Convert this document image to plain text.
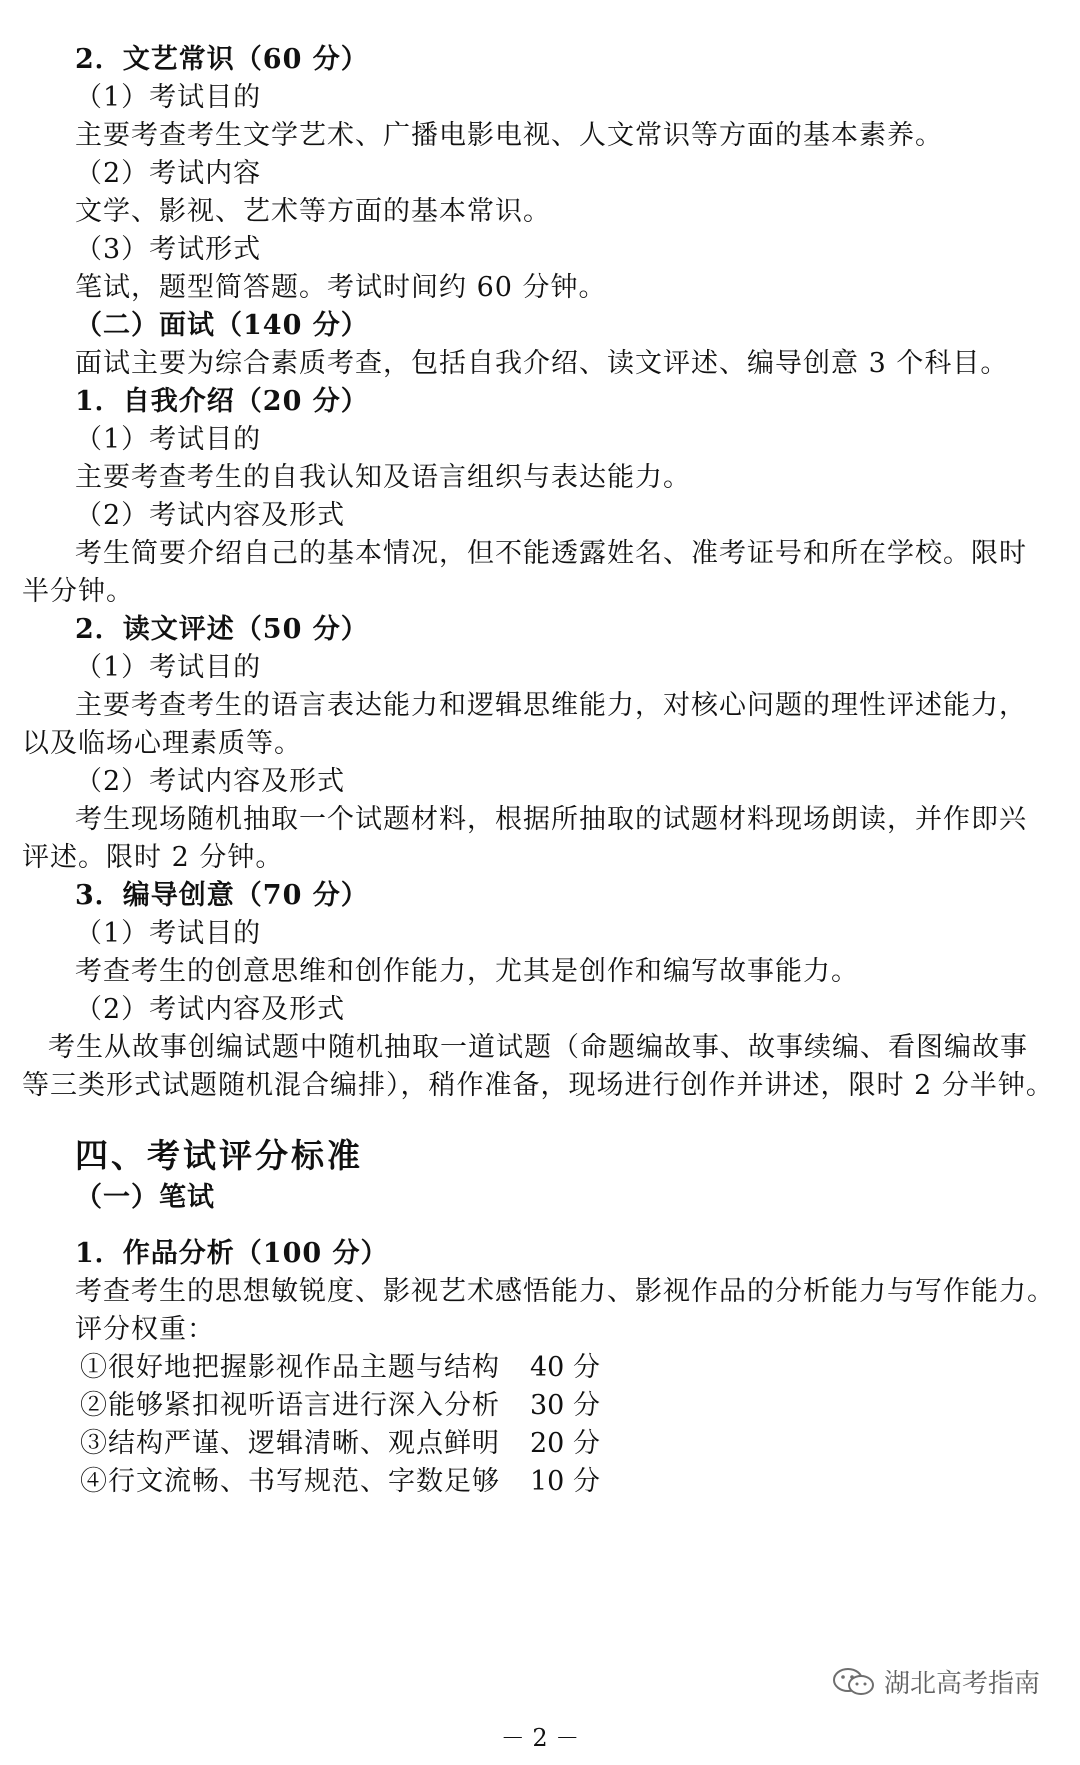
2．文艺常识（60 分）
（1）考试目的
主要考查考生文学艺术、广播电影电视、人文常识等方面的基本素养。
（2）考试内容
文学、影视、艺术等方面的基本常识。
（3）考试形式
笔试，题型简答题。考试时间约 60 分钟。
（二）面试（140 分）
面试主要为综合素质考查，包括自我介绍、读文评述、编导创意 3 个科目。
1．自我介绍（20 分）
（1）考试目的
主要考查考生的自我认知及语言组织与表达能力。
（2）考试内容及形式
考生简要介绍自己的基本情况，但不能透露姓名、准考证号和所在学校。限时
半分钟。
2．读文评述（50 分）
（1）考试目的
主要考查考生的语言表达能力和逻辑思维能力，对核心问题的理性评述能力，
以及临场心理素质等。
（2）考试内容及形式
考生现场随机抽取一个试题材料，根据所抽取的试题材料现场朗读，并作即兴
评述。限时 2 分钟。
3．编导创意（70 分）
（1）考试目的
考查考生的创意思维和创作能力，尤其是创作和编写故事能力。
（2）考试内容及形式
考生从故事创编试题中随机抽取一道试题（命题编故事、故事续编、看图编故事
等三类形式试题随机混合编排），稍作准备，现场进行创作并讲述，限时 2 分半钟。
四、考试评分标准
（一）笔试
1．作品分析（100 分）
考查考生的思想敏锐度、影视艺术感悟能力、影视作品的分析能力与写作能力。
评分权重：
①很好地把握影视作品主题与结构 40 分
②能够紧扣视听语言进行深入分析 30 分
③结构严谨、逻辑清晰、观点鲜明 20 分
④行文流畅、书写规范、字数足够 10 分
－ 2 －
湖北高考指南
